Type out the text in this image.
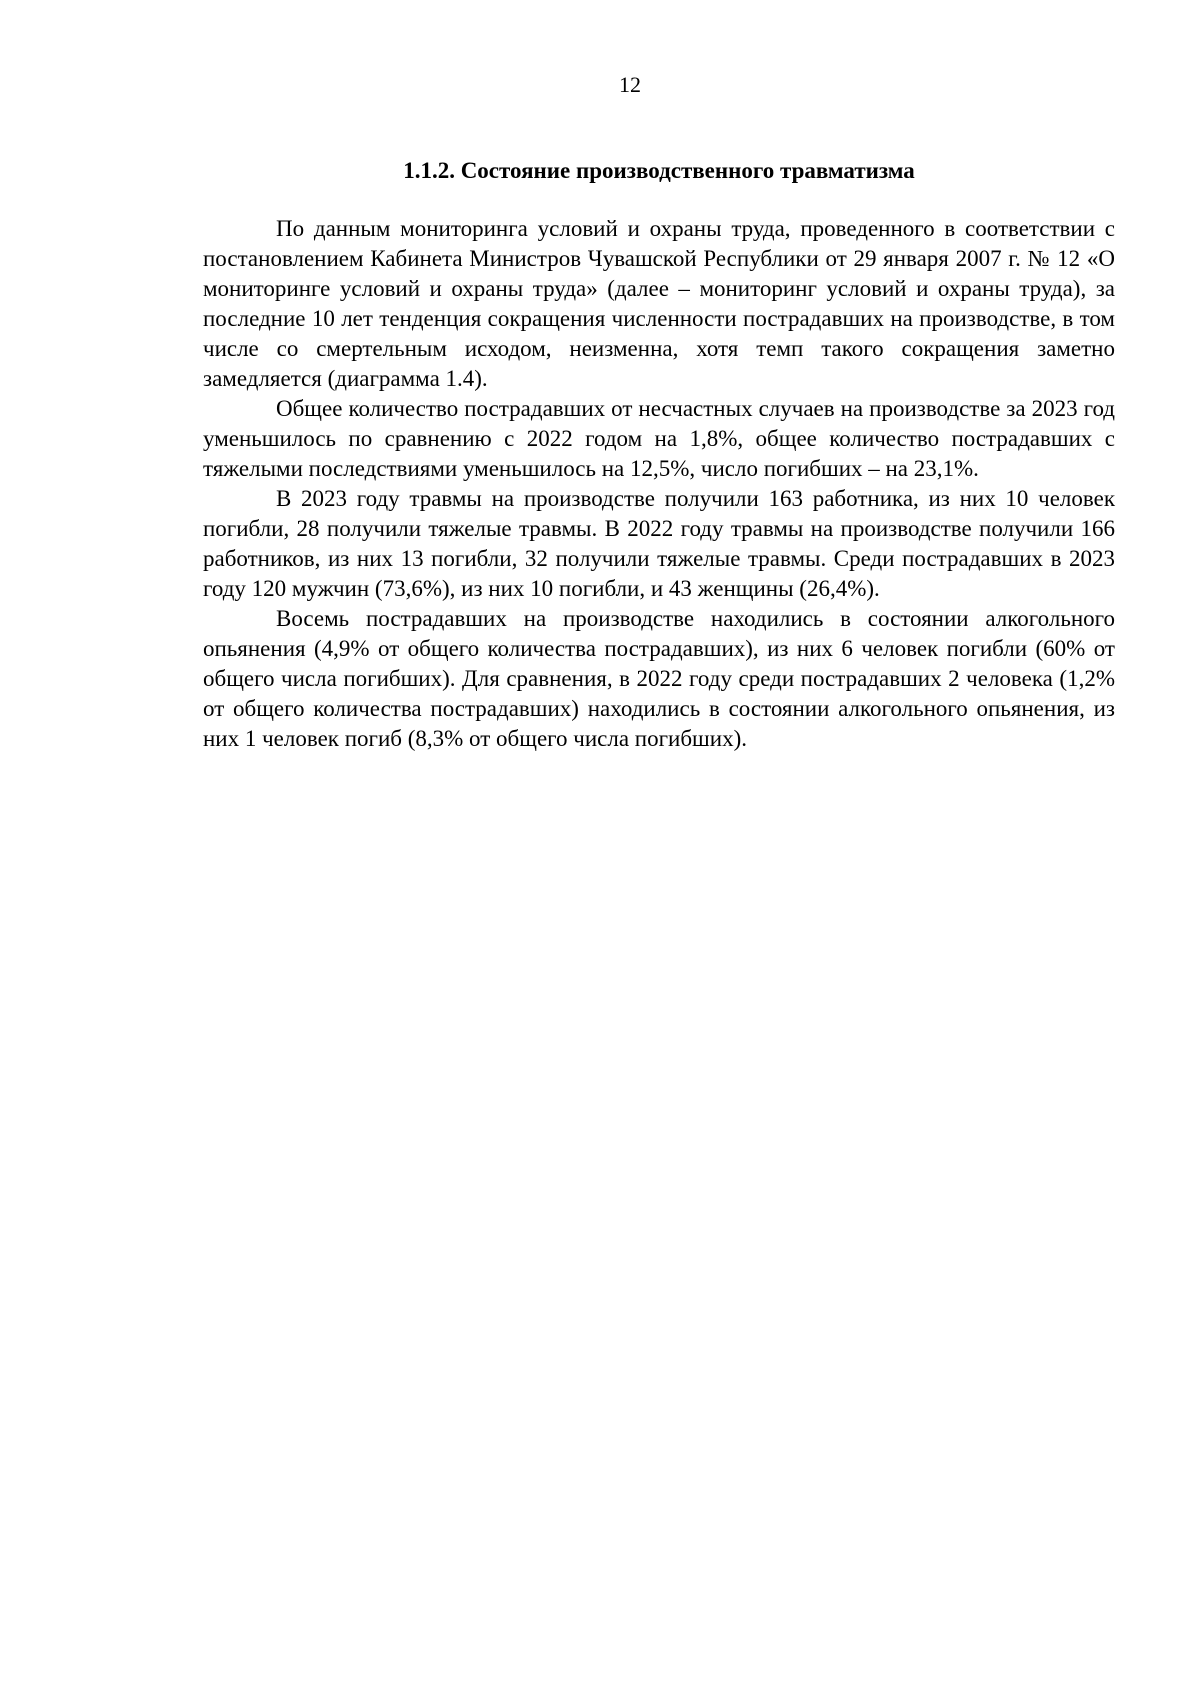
12
1.1.2. Состояние производственного травматизма

По данным мониторинга условий и охраны труда, проведенного в соответствии с постановлением Кабинета Министров Чувашской Республики от 29 января 2007 г. № 12 «О мониторинге условий и охраны труда» (далее – мониторинг условий и охраны труда), за последние 10 лет тенденция сокращения численности пострадавших на производстве, в том числе со смертельным исходом, неизменна, хотя темп такого сокращения заметно замедляется (диаграмма 1.4).

Общее количество пострадавших от несчастных случаев на производстве за 2023 год уменьшилось по сравнению с 2022 годом на 1,8%, общее количество пострадавших с тяжелыми последствиями уменьшилось на 12,5%, число погибших – на 23,1%.

В 2023 году травмы на производстве получили 163 работника, из них 10 человек погибли, 28 получили тяжелые травмы. В 2022 году травмы на производстве получили 166 работников, из них 13 погибли, 32 получили тяжелые травмы. Среди пострадавших в 2023 году 120 мужчин (73,6%), из них 10 погибли, и 43 женщины (26,4%).

Восемь пострадавших на производстве находились в состоянии алкогольного опьянения (4,9% от общего количества пострадавших), из них 6 человек погибли (60% от общего числа погибших). Для сравнения, в 2022 году среди пострадавших 2 человека (1,2% от общего количества пострадавших) находились в состоянии алкогольного опьянения, из них 1 человек погиб (8,3% от общего числа погибших).
